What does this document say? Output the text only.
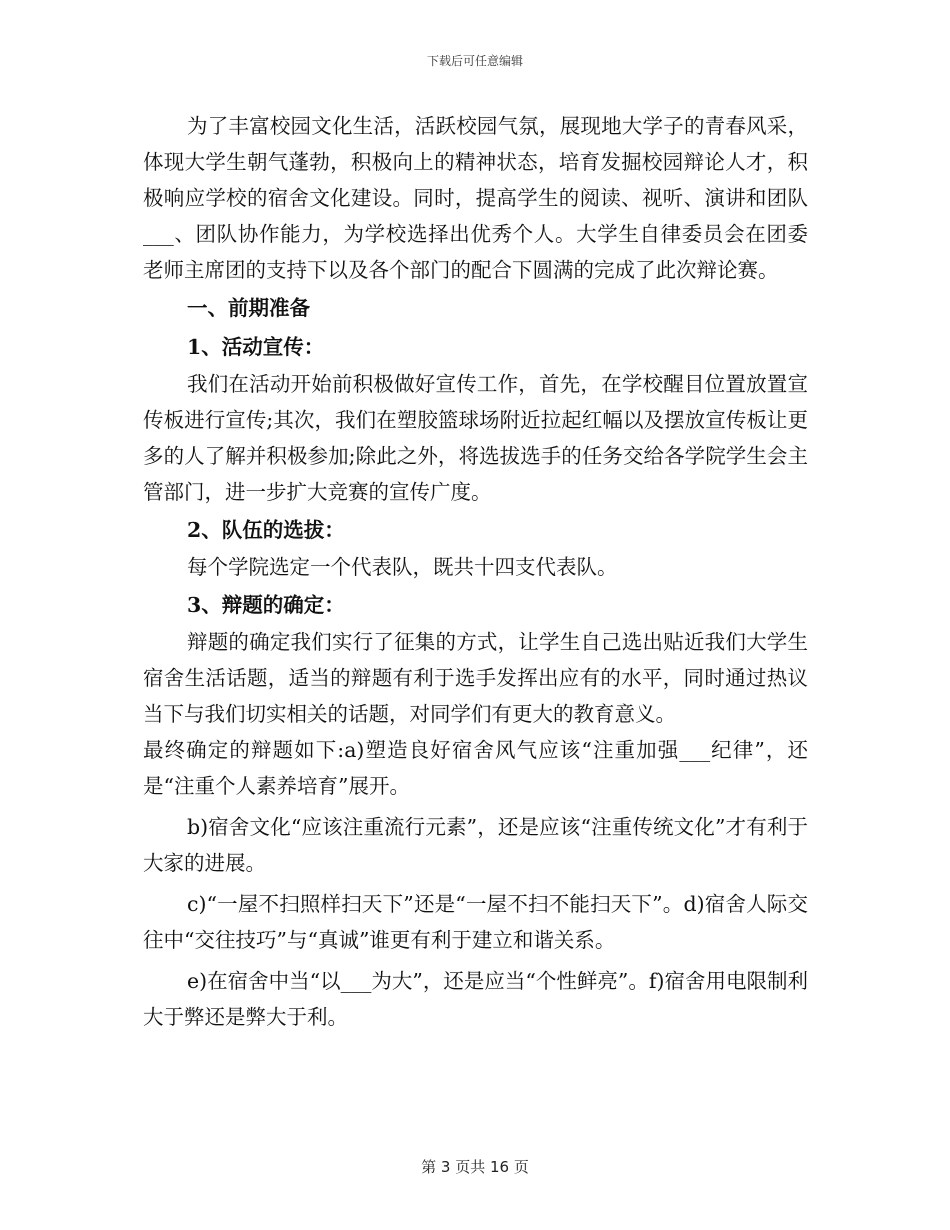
下载后可任意编辑

为了丰富校园文化生活，活跃校园气氛，展现地大学子的青春风采，体现大学生朝气蓬勃，积极向上的精神状态，培育发掘校园辩论人才，积极响应学校的宿舍文化建设。同时，提高学生的阅读、视听、演讲和团队___、团队协作能力，为学校选择出优秀个人。大学生自律委员会在团委老师主席团的支持下以及各个部门的配合下圆满的完成了此次辩论赛。

一、前期准备

1、活动宣传：

我们在活动开始前积极做好宣传工作，首先，在学校醒目位置放置宣传板进行宣传;其次，我们在塑胶篮球场附近拉起红幅以及摆放宣传板让更多的人了解并积极参加;除此之外，将选拔选手的任务交给各学院学生会主管部门，进一步扩大竞赛的宣传广度。

2、队伍的选拔：

每个学院选定一个代表队，既共十四支代表队。

3、辩题的确定：

辩题的确定我们实行了征集的方式，让学生自己选出贴近我们大学生宿舍生活话题，适当的辩题有利于选手发挥出应有的水平，同时通过热议当下与我们切实相关的话题，对同学们有更大的教育意义。

最终确定的辩题如下:a)塑造良好宿舍风气应该“注重加强___纪律”，还是“注重个人素养培育”展开。

b)宿舍文化“应该注重流行元素”，还是应该“注重传统文化”才有利于大家的进展。

c)“一屋不扫照样扫天下”还是“一屋不扫不能扫天下”。d)宿舍人际交往中“交往技巧”与“真诚”谁更有利于建立和谐关系。

e)在宿舍中当“以___为大”，还是应当“个性鲜亮”。f)宿舍用电限制利大于弊还是弊大于利。

第 3 页共 16 页
